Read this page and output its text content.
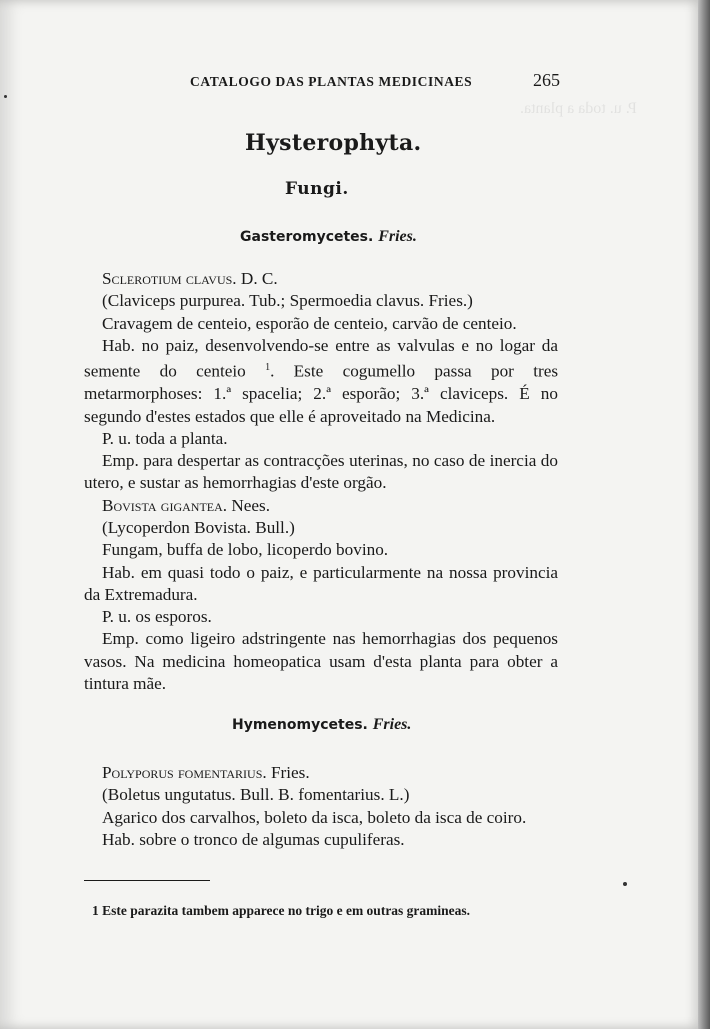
P. u. toda a planta.
CATALOGO DAS PLANTAS MEDICINAES	265
Hysterophyta.
Fungi.
Gasteromycetes. Fries.

Sclerotium clavus. D. C.

(Claviceps purpurea. Tub.; Spermoedia clavus. Fries.)

Cravagem de centeio, esporão de centeio, carvão de centeio.

Hab. no paiz, desenvolvendo-se entre as valvulas e no logar da semente do centeio $^1$. Este cogumello passa por tres metarmorphoses: 1.ª spacelia; 2.ª esporão; 3.ª claviceps. É no segundo d'estes estados que elle é aproveitado na Medicina.

P. u. toda a planta.

Emp. para despertar as contracções uterinas, no caso de inercia do utero, e sustar as hemorrhagias d'este orgão.

Bovista gigantea. Nees.

(Lycoperdon Bovista. Bull.)

Fungam, buffa de lobo, licoperdo bovino.

Hab. em quasi todo o paiz, e particularmente na nossa provincia da Extremadura.

P. u. os esporos.

Emp. como ligeiro adstringente nas hemorrhagias dos pequenos vasos. Na medicina homeopatica usam d'esta planta para obter a tintura mãe.

Hymenomycetes. Fries.

Polyporus fomentarius. Fries.

(Boletus ungutatus. Bull. B. fomentarius. L.)

Agarico dos carvalhos, boleto da isca, boleto da isca de coiro.

Hab. sobre o tronco de algumas cupuliferas.

1 Este parazita tambem apparece no trigo e em outras gramineas.
